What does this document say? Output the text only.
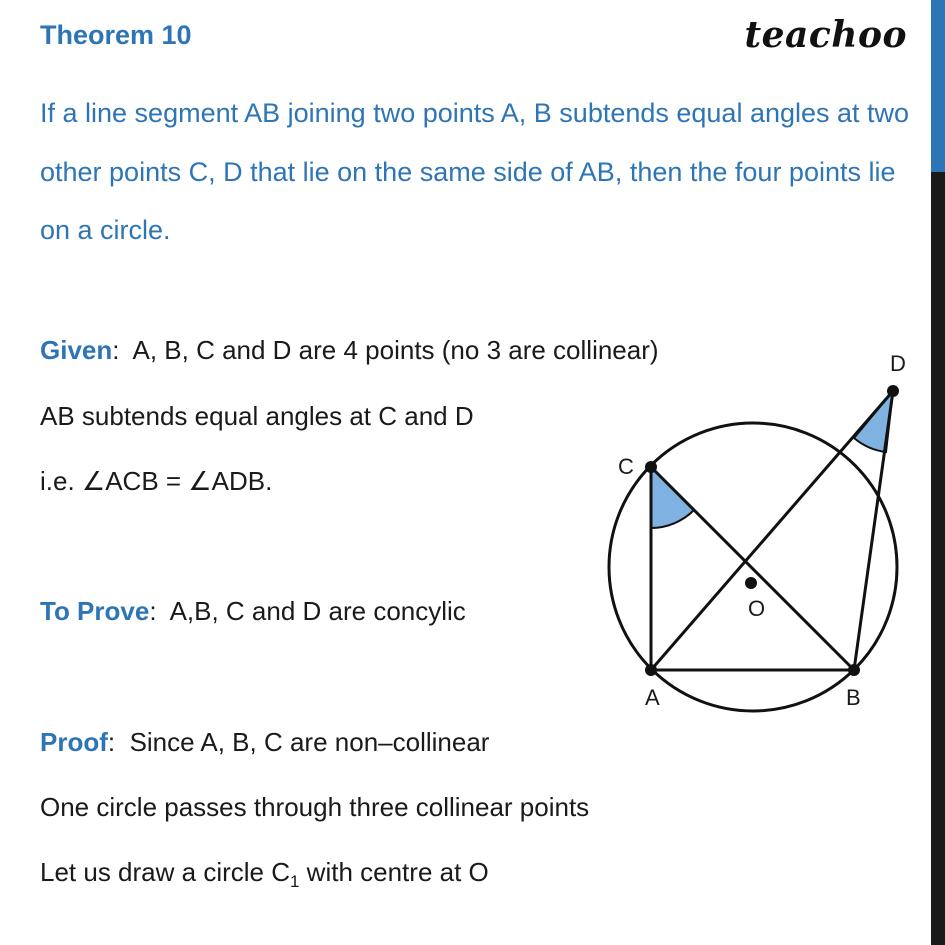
Theorem 10	teachoo
If a line segment AB joining two points A, B subtends equal angles at two other points C, D that lie on the same side of AB, then the four points lie on a circle.
Given:  A, B, C and D are 4 points (no 3 are collinear)
AB subtends equal angles at C and D
i.e. ∠ACB = ∠ADB.
To Prove:  A,B, C and D are concylic
Proof:  Since A, B, C are non–collinear
One circle passes through three collinear points
Let us draw a circle $C_1$ with centre at O
A	B
C
D
O
